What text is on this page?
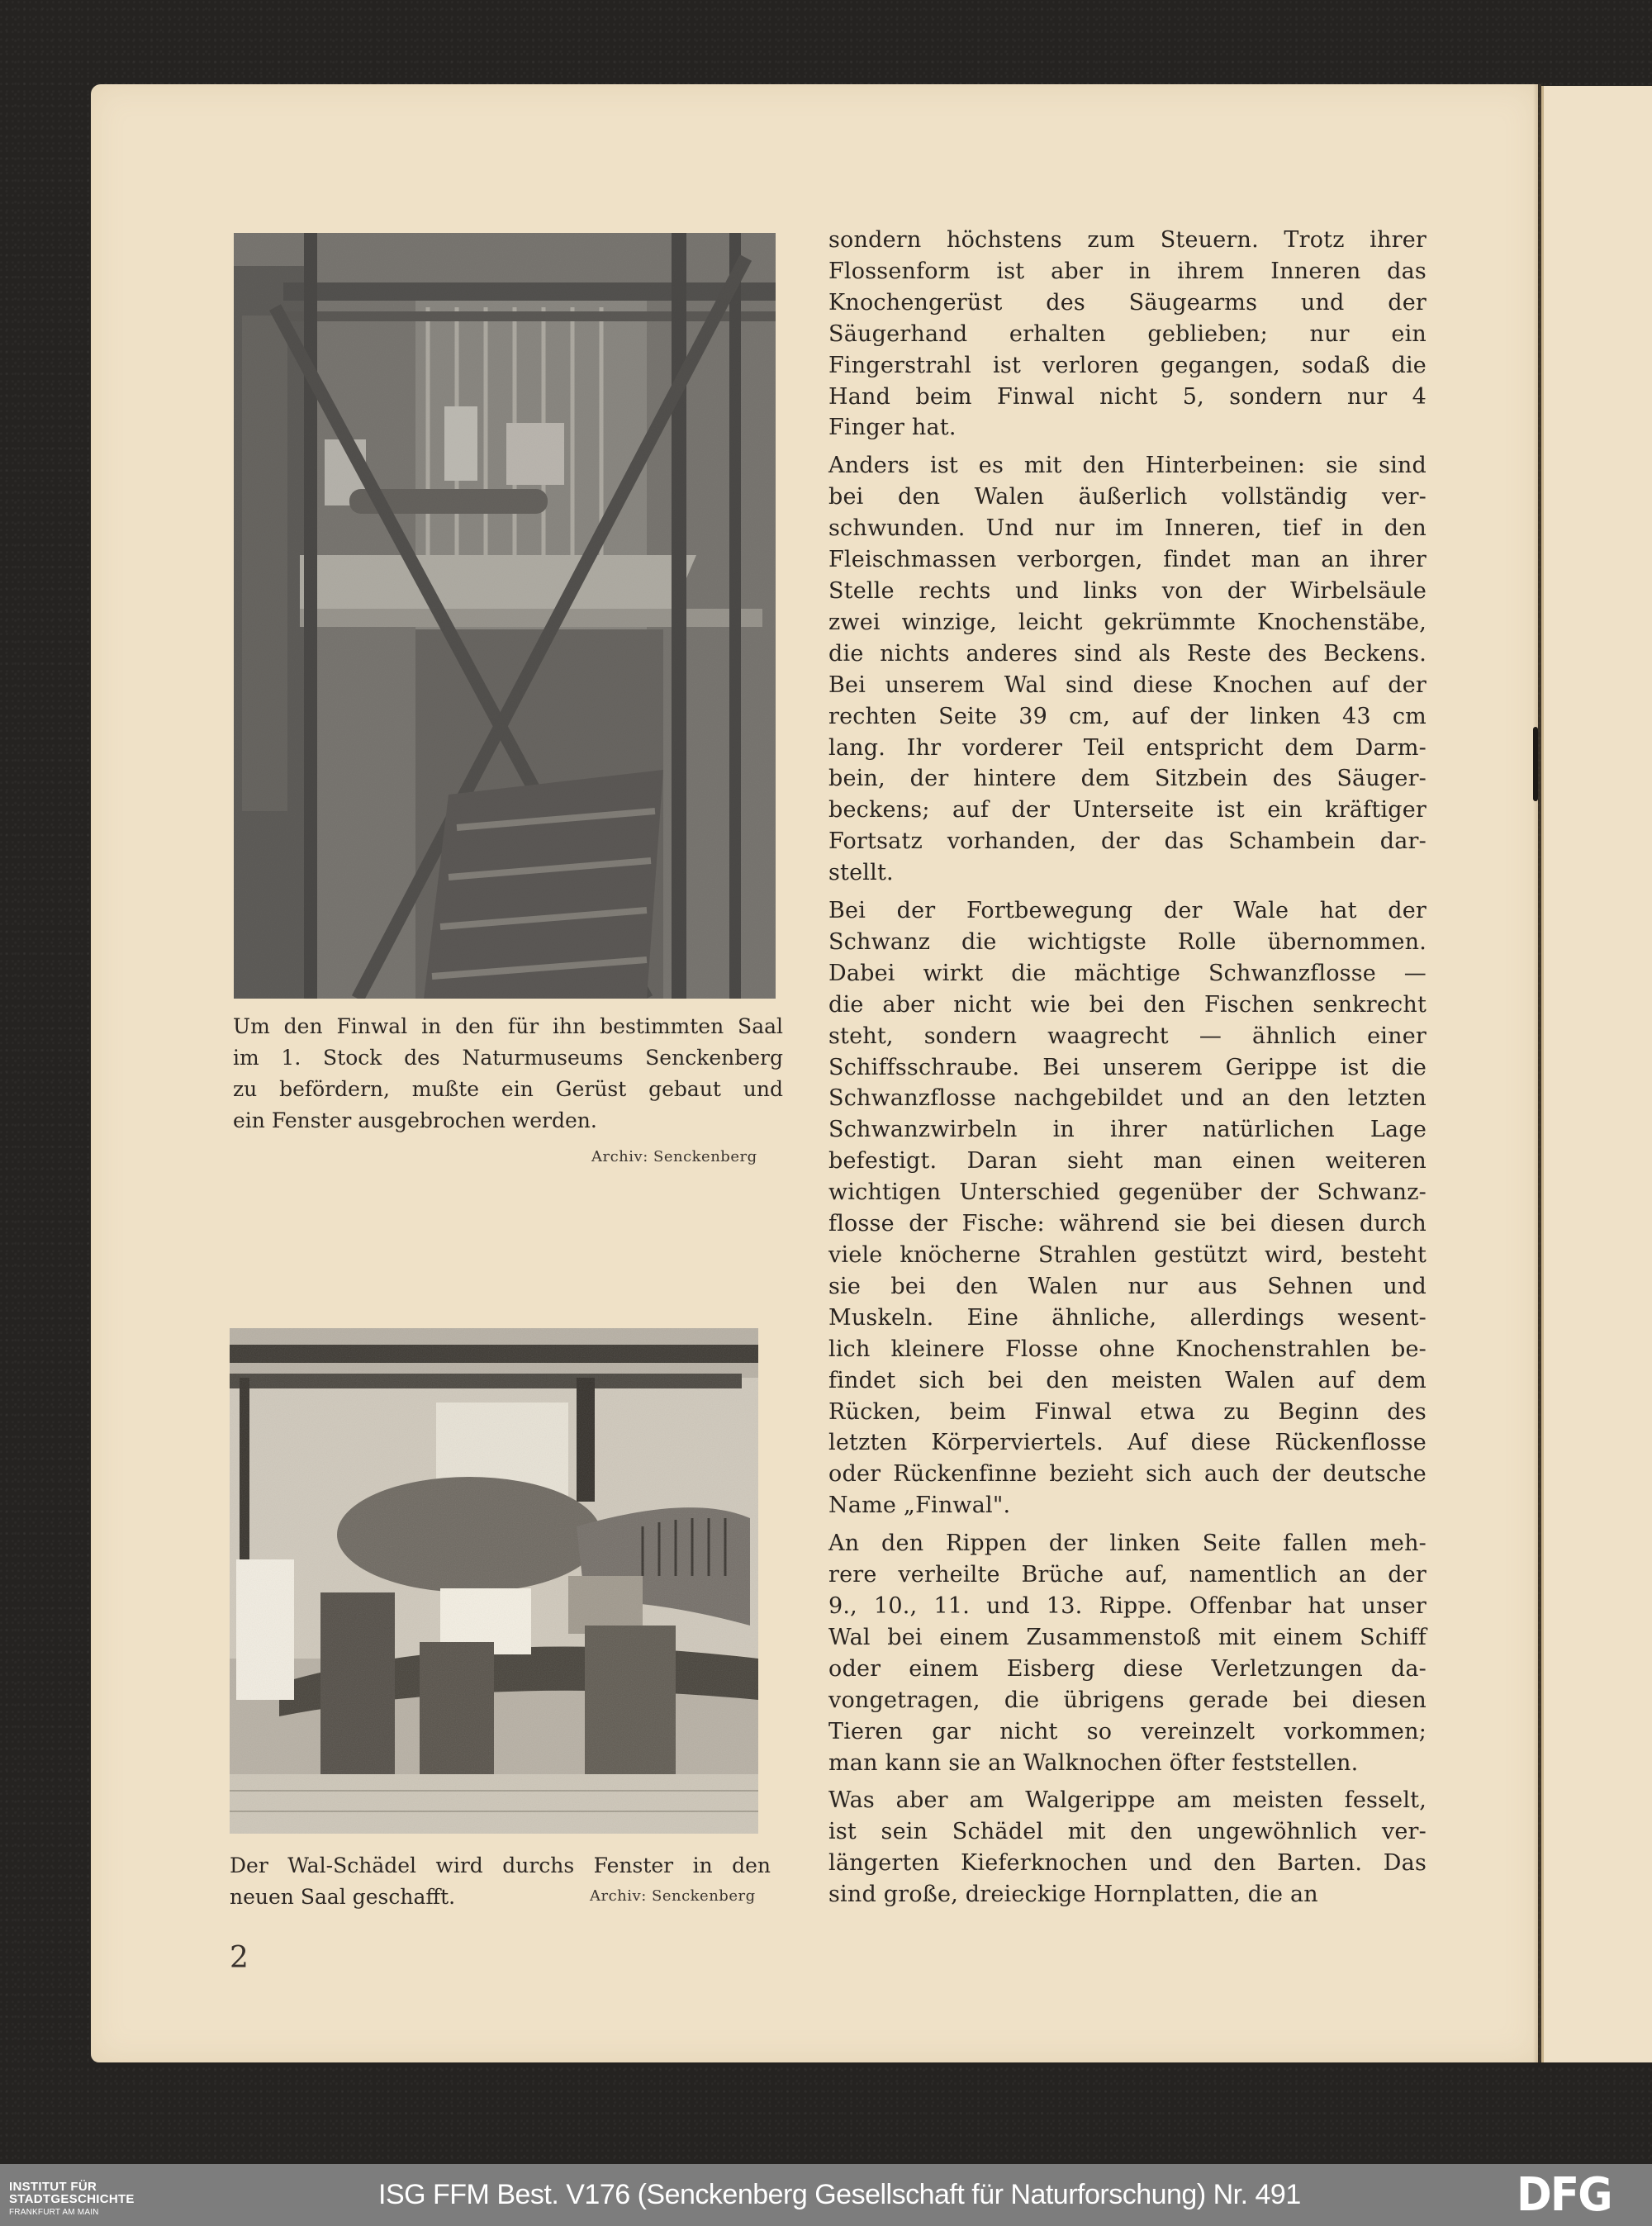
Um den Finwal in den für ihn bestimmten Saal
im 1. Stock des Naturmuseums Senckenberg
zu befördern, mußte ein Gerüst gebaut und
ein Fenster ausgebrochen werden.
Archiv: Senckenberg
Der Wal-Schädel wird durchs Fenster in den
neuen Saal geschafft.	Archiv: Senckenberg
2
sondern höchstens zum Steuern. Trotz ihrer
Flossenform ist aber in ihrem Inneren das
Knochengerüst des Säugearms und der
Säugerhand erhalten geblieben; nur ein
Fingerstrahl ist verloren gegangen, sodaß die
Hand beim Finwal nicht 5, sondern nur 4
Finger hat.
Anders ist es mit den Hinterbeinen: sie sind
bei den Walen äußerlich vollständig ver-
schwunden. Und nur im Inneren, tief in den
Fleischmassen verborgen, findet man an ihrer
Stelle rechts und links von der Wirbelsäule
zwei winzige, leicht gekrümmte Knochenstäbe,
die nichts anderes sind als Reste des Beckens.
Bei unserem Wal sind diese Knochen auf der
rechten Seite 39 cm, auf der linken 43 cm
lang. Ihr vorderer Teil entspricht dem Darm-
bein, der hintere dem Sitzbein des Säuger-
beckens; auf der Unterseite ist ein kräftiger
Fortsatz vorhanden, der das Schambein dar-
stellt.
Bei der Fortbewegung der Wale hat der
Schwanz die wichtigste Rolle übernommen.
Dabei wirkt die mächtige Schwanzflosse —
die aber nicht wie bei den Fischen senkrecht
steht, sondern waagrecht — ähnlich einer
Schiffsschraube. Bei unserem Gerippe ist die
Schwanzflosse nachgebildet und an den letzten
Schwanzwirbeln in ihrer natürlichen Lage
befestigt. Daran sieht man einen weiteren
wichtigen Unterschied gegenüber der Schwanz-
flosse der Fische: während sie bei diesen durch
viele knöcherne Strahlen gestützt wird, besteht
sie bei den Walen nur aus Sehnen und
Muskeln. Eine ähnliche, allerdings wesent-
lich kleinere Flosse ohne Knochenstrahlen be-
findet sich bei den meisten Walen auf dem
Rücken, beim Finwal etwa zu Beginn des
letzten Körperviertels. Auf diese Rückenflosse
oder Rückenfinne bezieht sich auch der deutsche
Name „Finwal".
An den Rippen der linken Seite fallen meh-
rere verheilte Brüche auf, namentlich an der
9., 10., 11. und 13. Rippe. Offenbar hat unser
Wal bei einem Zusammenstoß mit einem Schiff
oder einem Eisberg diese Verletzungen da-
vongetragen, die übrigens gerade bei diesen
Tieren gar nicht so vereinzelt vorkommen;
man kann sie an Walknochen öfter feststellen.
Was aber am Walgerippe am meisten fesselt,
ist sein Schädel mit den ungewöhnlich ver-
längerten Kieferknochen und den Barten. Das
sind große, dreieckige Hornplatten, die an
INSTITUT FÜR
STADTGESCHICHTE
FRANKFURT AM MAIN
ISG FFM Best. V176 (Senckenberg Gesellschaft für Naturforschung) Nr. 491	DFG
